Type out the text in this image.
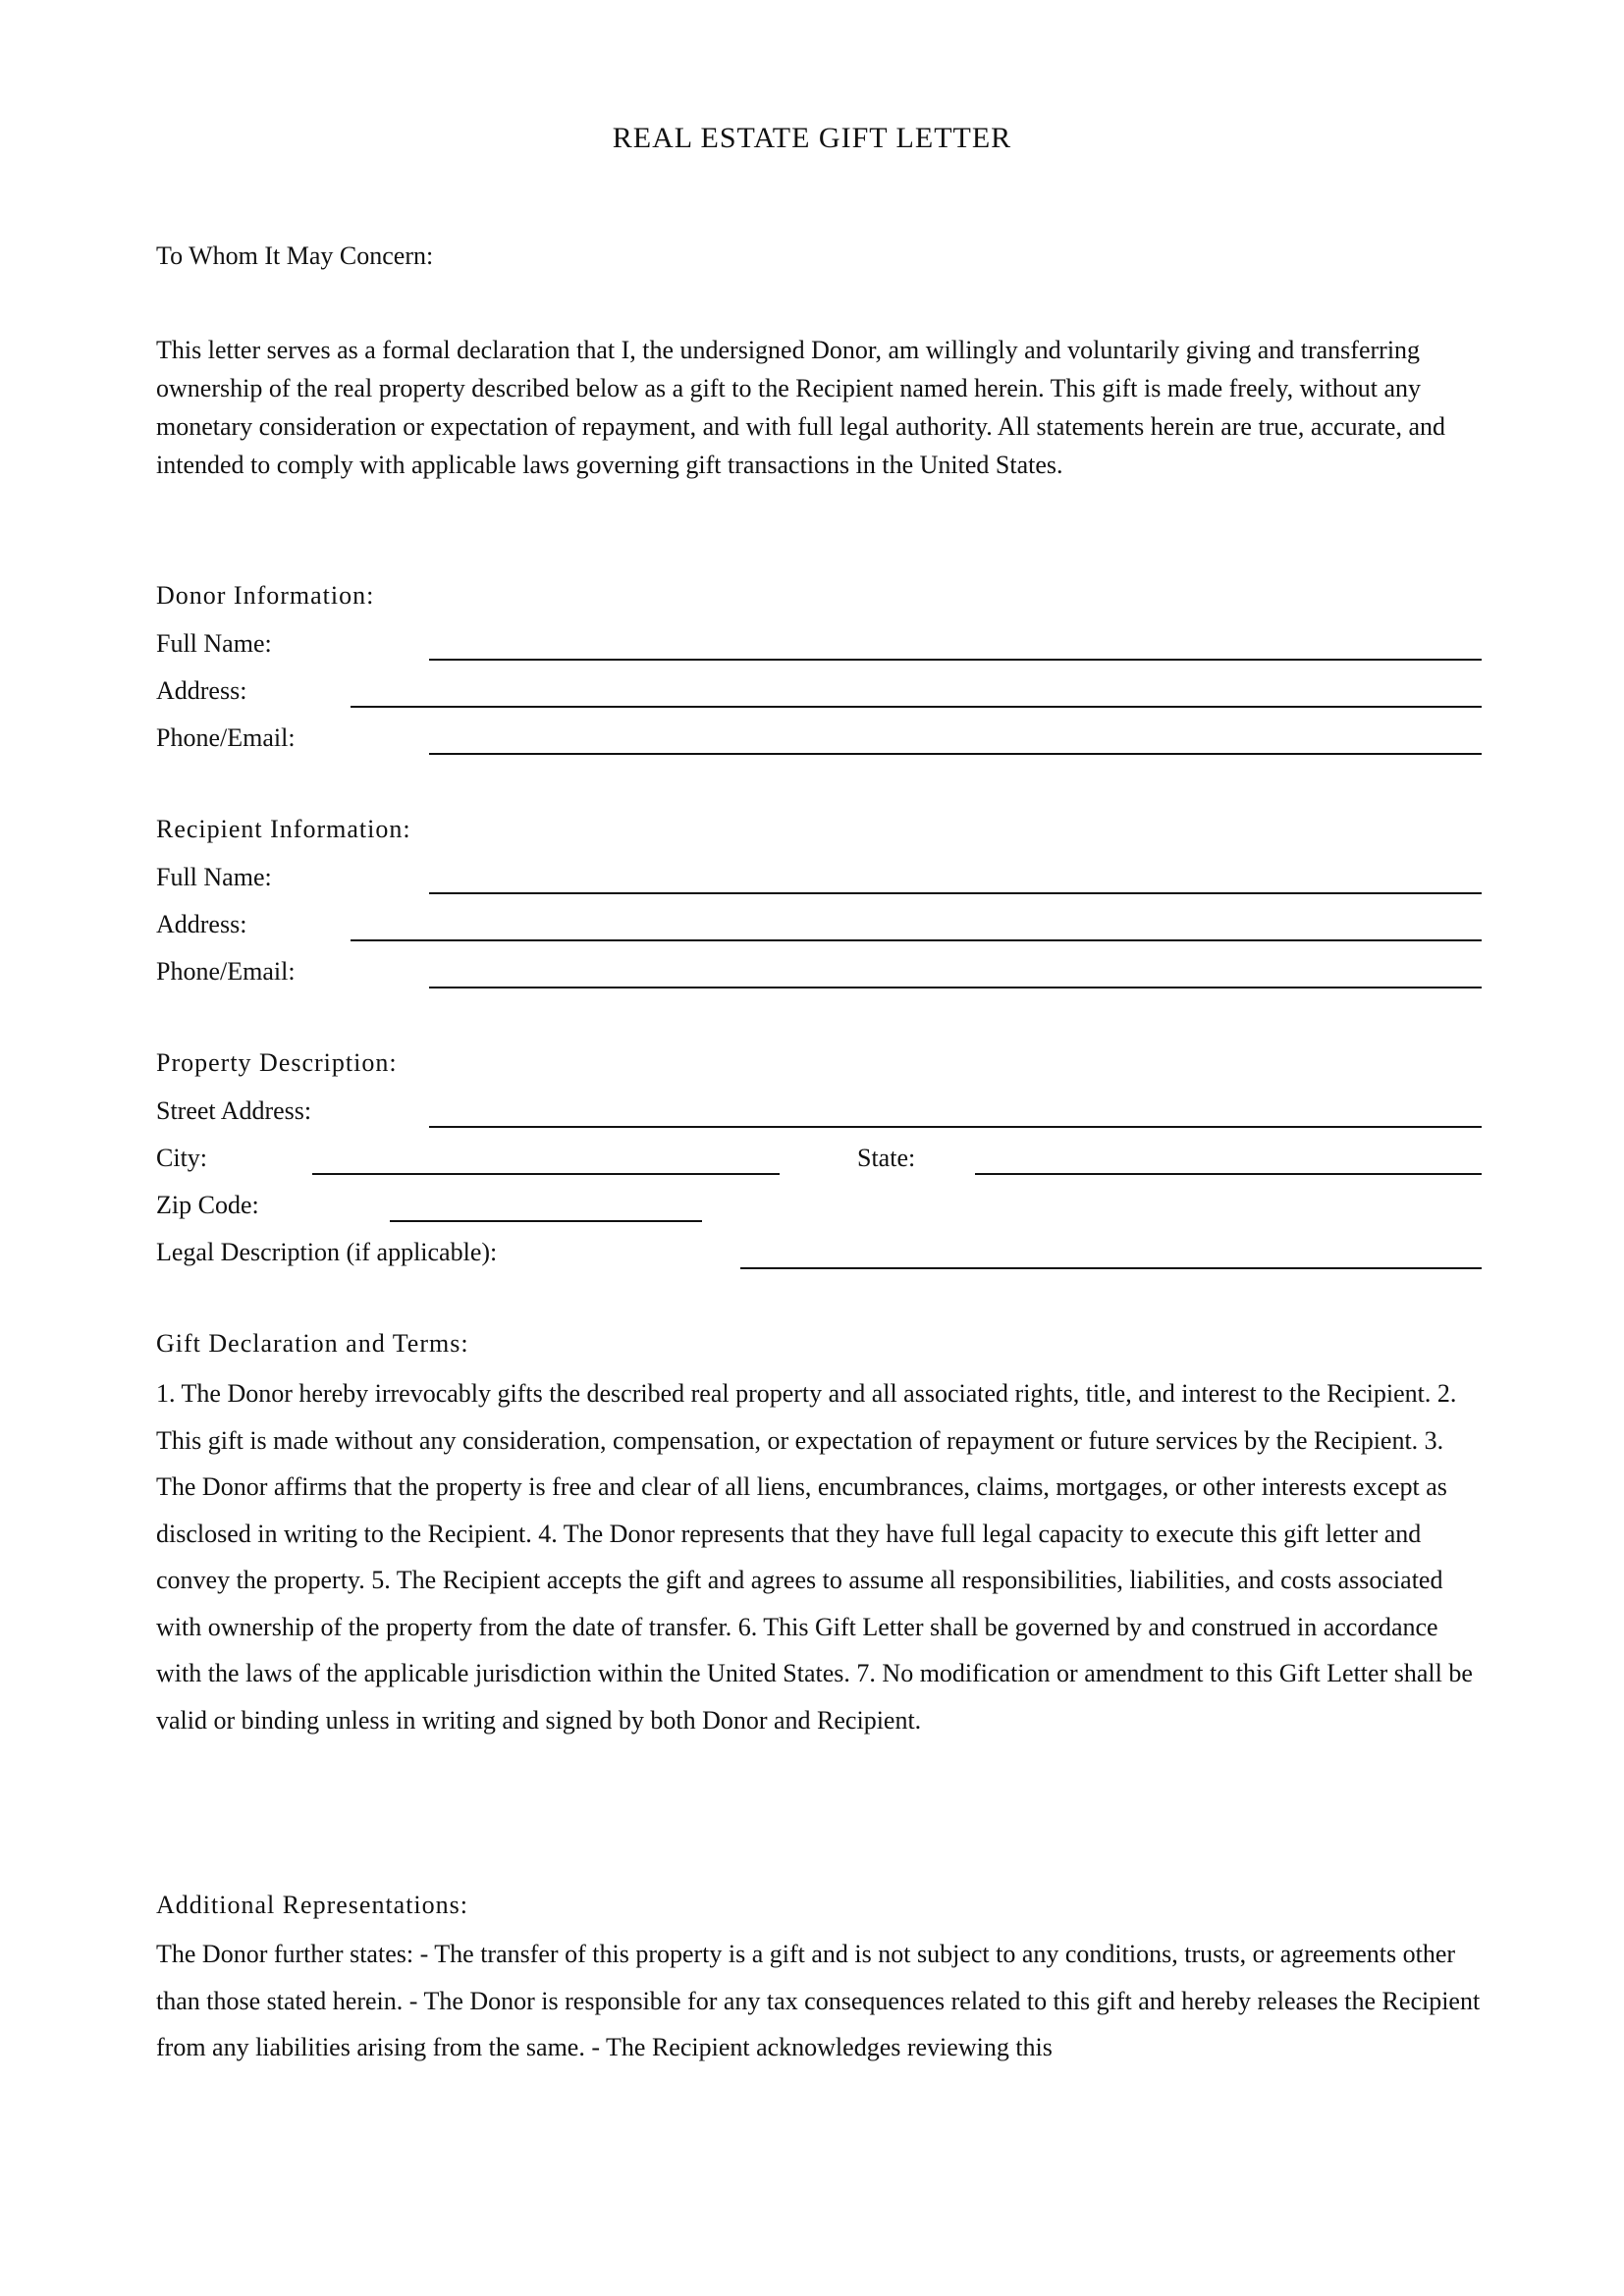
REAL ESTATE GIFT LETTER
To Whom It May Concern:
This letter serves as a formal declaration that I, the undersigned Donor, am willingly and voluntarily giving and transferring ownership of the real property described below as a gift to the Recipient named herein. This gift is made freely, without any monetary consideration or expectation of repayment, and with full legal authority. All statements herein are true, accurate, and intended to comply with applicable laws governing gift transactions in the United States.
Donor Information:
Full Name:
Address:
Phone/Email:
Recipient Information:
Full Name:
Address:
Phone/Email:
Property Description:
Street Address:
City:	State:
Zip Code:
Legal Description (if applicable):
Gift Declaration and Terms:
1. The Donor hereby irrevocably gifts the described real property and all associated rights, title, and interest to the Recipient. 2. This gift is made without any consideration, compensation, or expectation of repayment or future services by the Recipient. 3. The Donor affirms that the property is free and clear of all liens, encumbrances, claims, mortgages, or other interests except as disclosed in writing to the Recipient. 4. The Donor represents that they have full legal capacity to execute this gift letter and convey the property. 5. The Recipient accepts the gift and agrees to assume all responsibilities, liabilities, and costs associated with ownership of the property from the date of transfer. 6. This Gift Letter shall be governed by and construed in accordance with the laws of the applicable jurisdiction within the United States. 7. No modification or amendment to this Gift Letter shall be valid or binding unless in writing and signed by both Donor and Recipient.
Additional Representations:
The Donor further states: - The transfer of this property is a gift and is not subject to any conditions, trusts, or agreements other than those stated herein. - The Donor is responsible for any tax consequences related to this gift and hereby releases the Recipient from any liabilities arising from the same. - The Recipient acknowledges reviewing this
